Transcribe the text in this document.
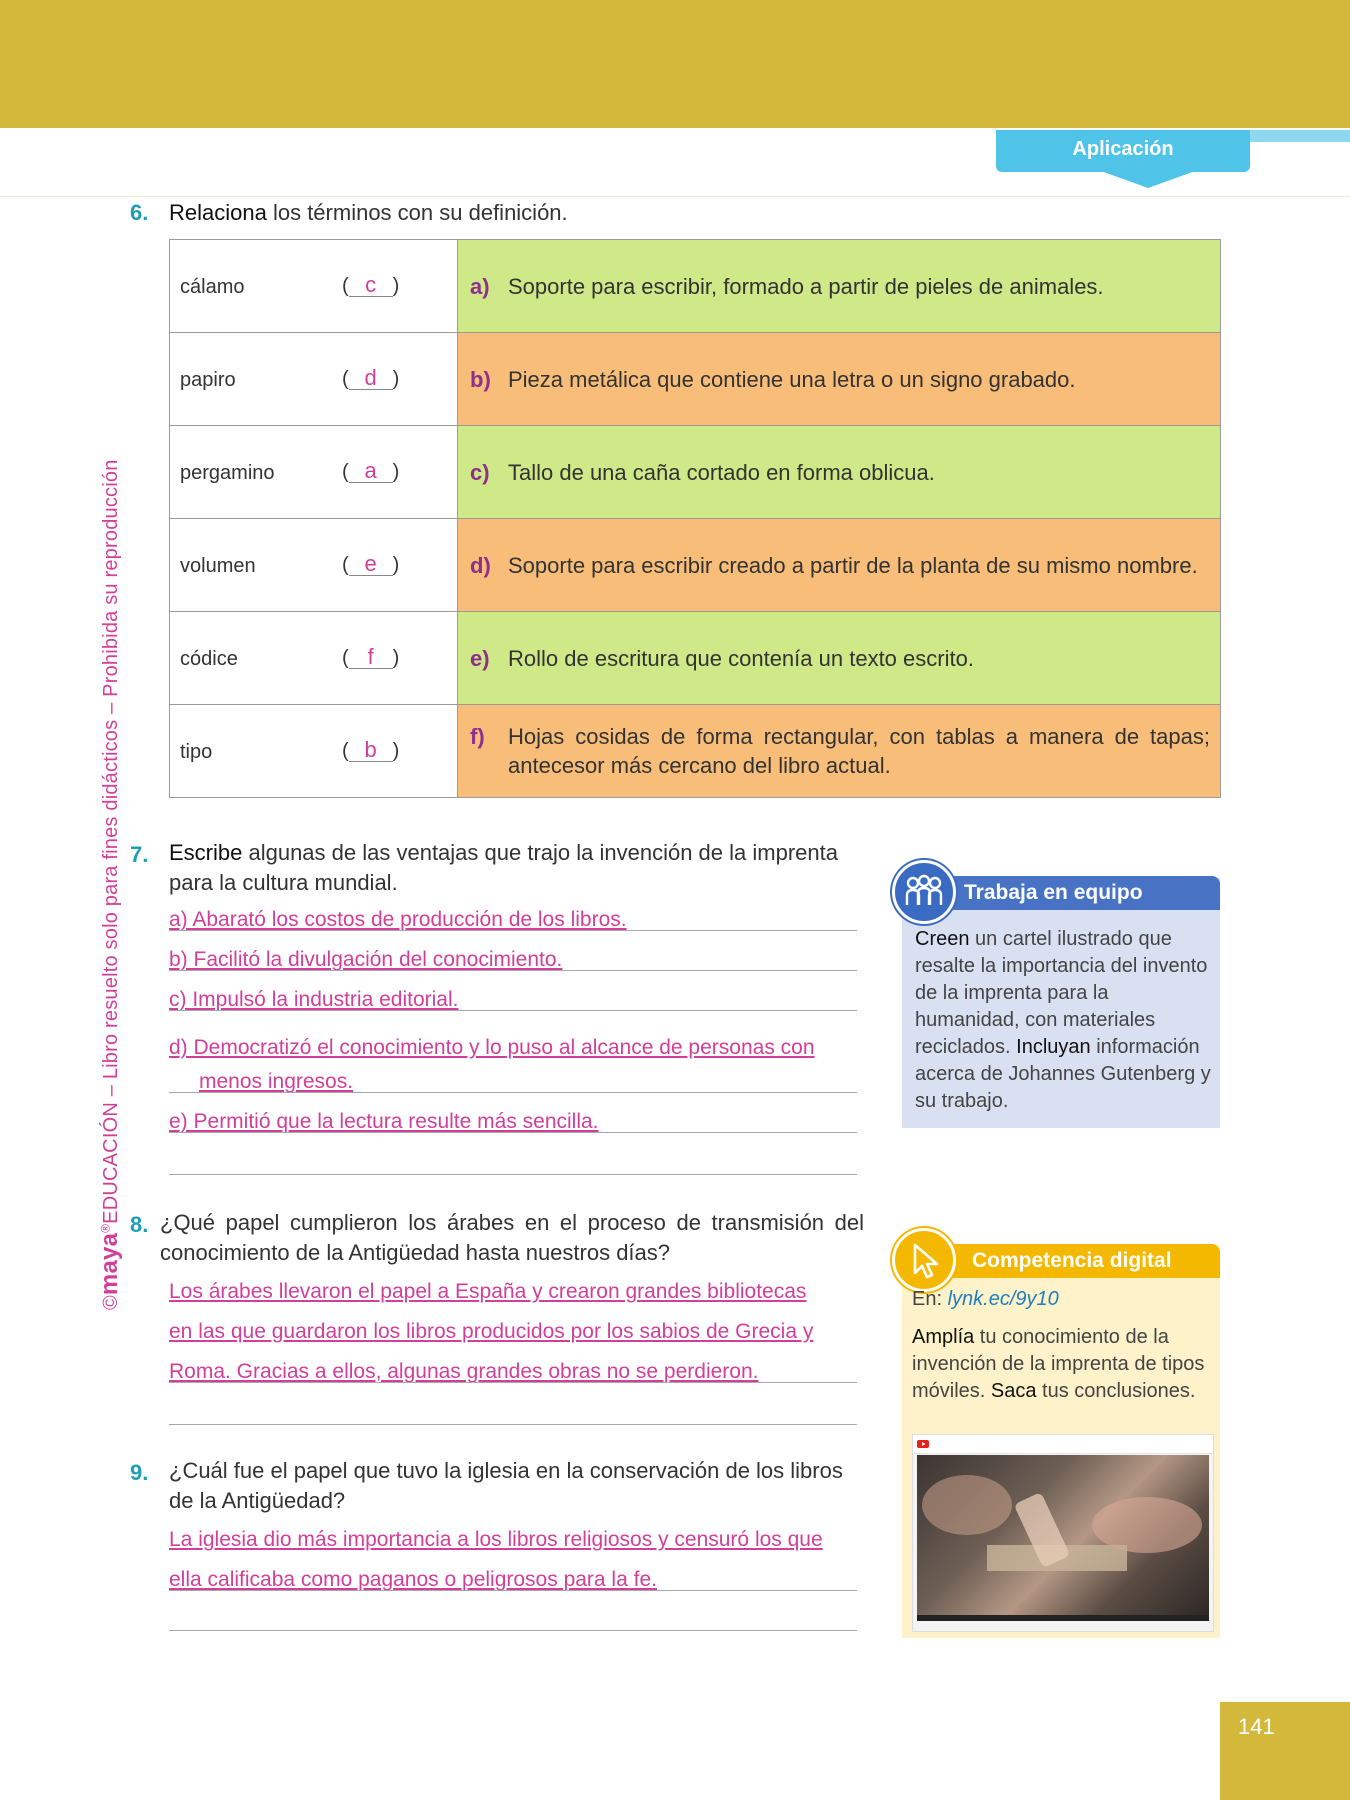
Aplicación
©maya®EDUCACIÓN – Libro resuelto solo para fines didácticos – Prohibida su reproducción
6. Relaciona los términos con su definición.
cálamo ( c )	a) Soporte para escribir, formado a partir de pieles de animales.

papiro ( d )	b) Pieza metálica que contiene una letra o un signo grabado.

pergamino ( a )	c) Tallo de una caña cortado en forma oblicua.

volumen ( e )	d) Soporte para escribir creado a partir de la planta de su mismo nombre.

códice ( f )	e) Rollo de escritura que contenía un texto escrito.

tipo ( b )	f) Hojas cosidas de forma rectangular, con tablas a manera de tapas; antecesor más cercano del libro actual.
7. Escribe algunas de las ventajas que trajo la invención de la imprenta para la cultura mundial.
a) Abarató los costos de producción de los libros.
b) Facilitó la divulgación del conocimiento.
c) Impulsó la industria editorial.
d) Democratizó el conocimiento y lo puso al alcance de personas con
menos ingresos.
e) Permitió que la lectura resulte más sencilla.
Trabaja en equipo
Creen un cartel ilustrado que resalte la importancia del invento de la imprenta para la humanidad, con materiales reciclados. Incluyan información acerca de Johannes Gutenberg y su trabajo.
8. ¿Qué papel cumplieron los árabes en el proceso de transmisión del conocimiento de la Antigüedad hasta nuestros días?
Los árabes llevaron el papel a España y crearon grandes bibliotecas
en las que guardaron los libros producidos por los sabios de Grecia y
Roma. Gracias a ellos, algunas grandes obras no se perdieron.
Competencia digital
En: lynk.ec/9y10
Amplía tu conocimiento de la invención de la imprenta de tipos móviles. Saca tus conclusiones.
9. ¿Cuál fue el papel que tuvo la iglesia en la conservación de los libros de la Antigüedad?
La iglesia dio más importancia a los libros religiosos y censuró los que
ella calificaba como paganos o peligrosos para la fe.
141
